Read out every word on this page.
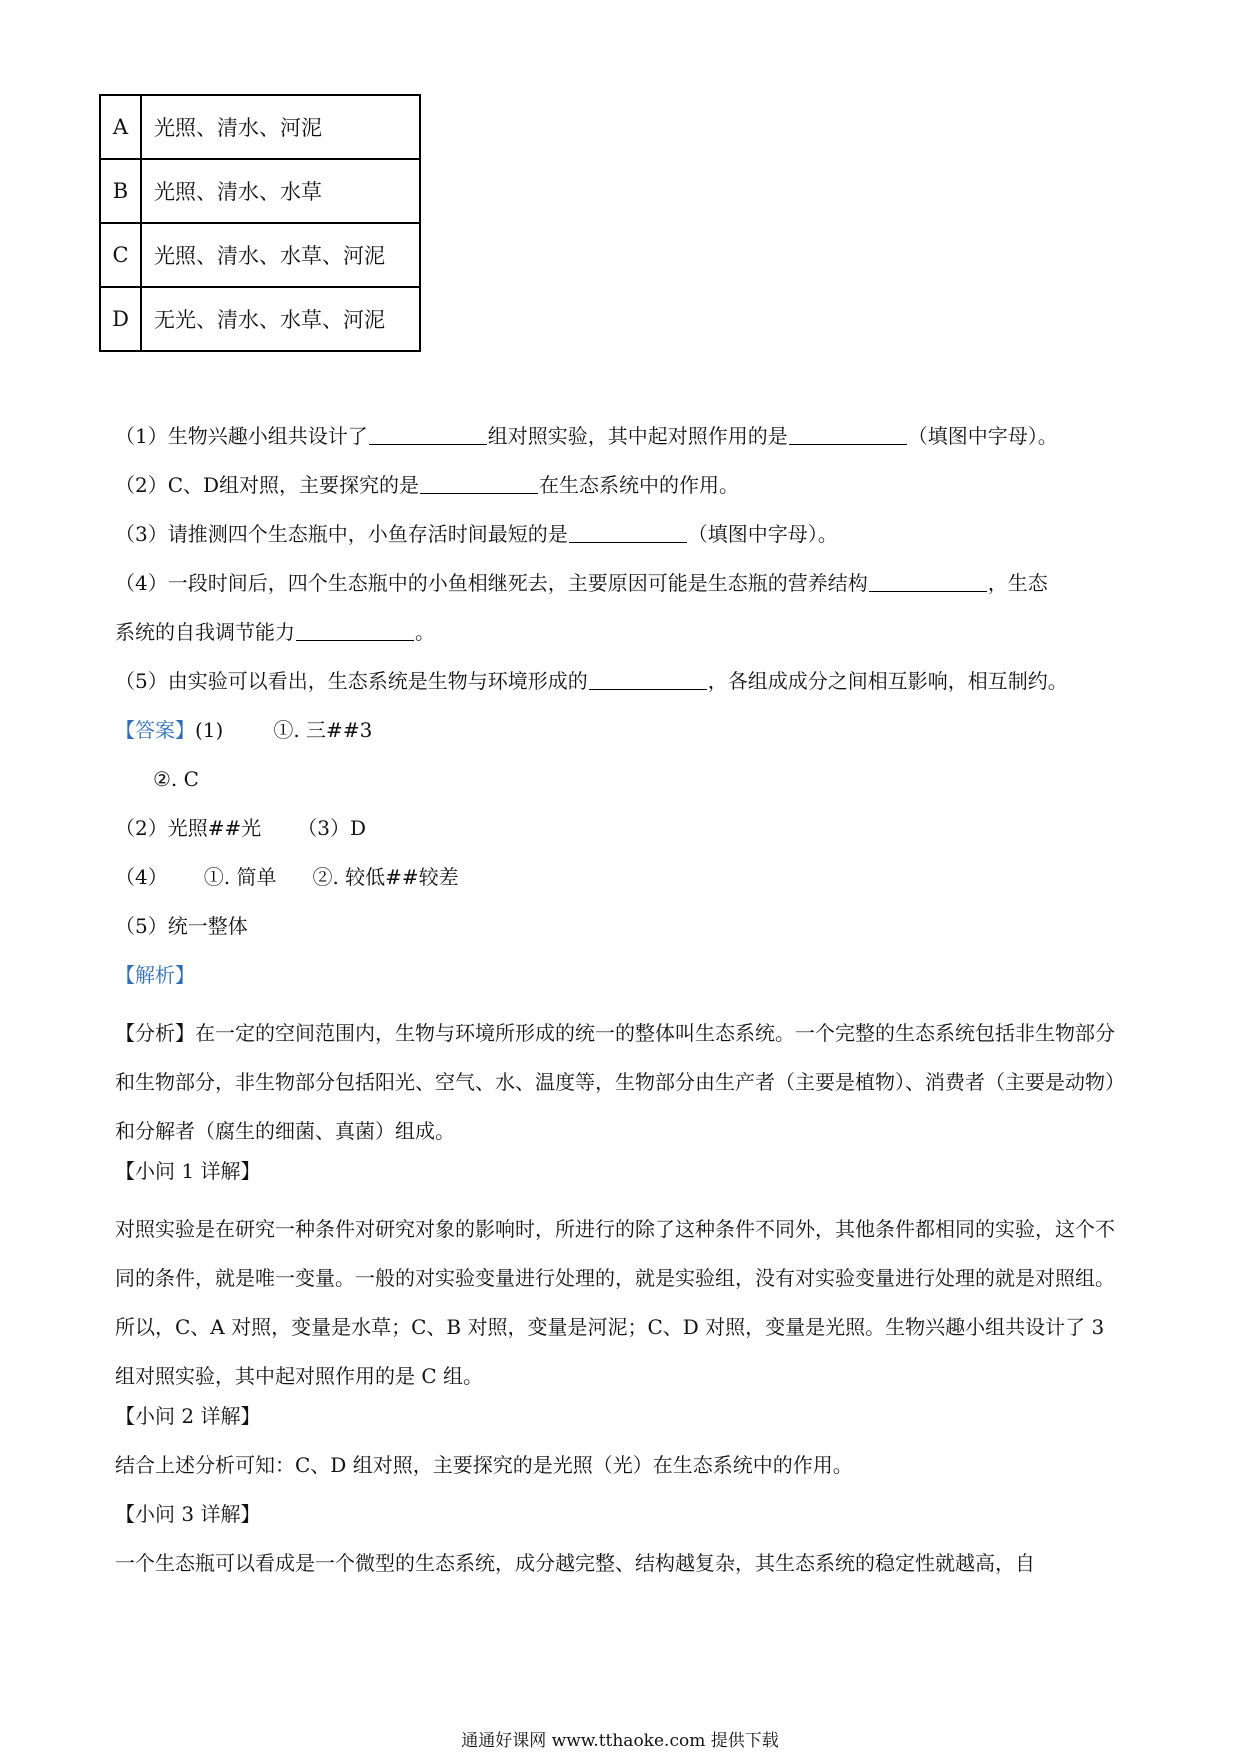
A	光照、清水、河泥
B	光照、清水、水草
C	光照、清水、水草、河泥
D	无光、清水、水草、河泥
（1）生物兴趣小组共设计了	组对照实验，其中起对照作用的是	（填图中字母）。
（2）C、D组对照，主要探究的是	在生态系统中的作用。
（3）请推测四个生态瓶中，小鱼存活时间最短的是	（填图中字母）。
（4）一段时间后，四个生态瓶中的小鱼相继死去，主要原因可能是生态瓶的营养结构	，生态
系统的自我调节能力	。
（5）由实验可以看出，生态系统是生物与环境形成的	，各组成成分之间相互影响，相互制约。
【答案】(1)	①. 三##3
②. C
（2）光照##光 （3）D
（4） ①. 简单 ②. 较低##较差
（5）统一整体
【解析】
【分析】在一定的空间范围内，生物与环境所形成的统一的整体叫生态系统。一个完整的生态系统包括非生物部分和生物部分，非生物部分包括阳光、空气、水、温度等，生物部分由生产者（主要是植物）、消费者（主要是动物）和分解者（腐生的细菌、真菌）组成。
【小问 1 详解】
对照实验是在研究一种条件对研究对象的影响时，所进行的除了这种条件不同外，其他条件都相同的实验，这个不同的条件，就是唯一变量。一般的对实验变量进行处理的，就是实验组，没有对实验变量进行处理的就是对照组。所以，C、A 对照，变量是水草；C、B 对照，变量是河泥；C、D 对照，变量是光照。生物兴趣小组共设计了 3 组对照实验，其中起对照作用的是 C 组。
【小问 2 详解】
结合上述分析可知：C、D 组对照，主要探究的是光照（光）在生态系统中的作用。
【小问 3 详解】
一个生态瓶可以看成是一个微型的生态系统，成分越完整、结构越复杂，其生态系统的稳定性就越高，自
通通好课网 www.tthaoke.com 提供下载
